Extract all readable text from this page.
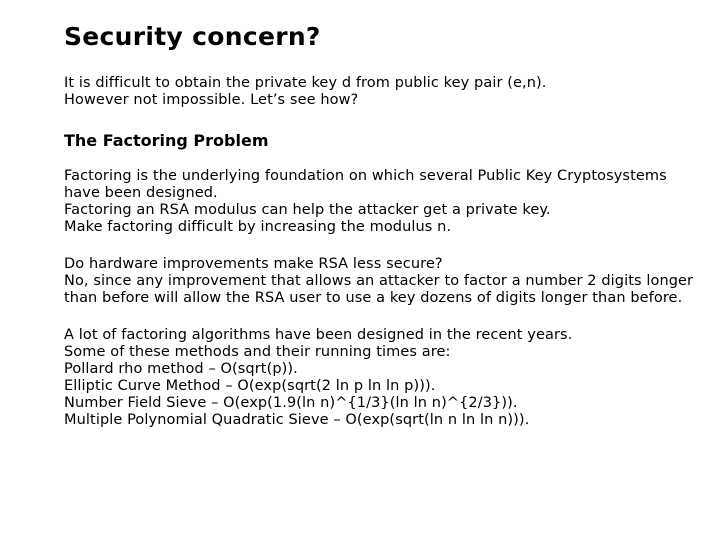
Security concern?

It is difficult to obtain the private key d from public key pair (e,n).

However not impossible. Let’s see how?

The Factoring Problem

Factoring is the underlying foundation on which several Public Key Cryptosystems have been designed.

Factoring an RSA modulus can help the attacker get a private key.

Make factoring difficult by increasing the modulus n.

Do hardware improvements make RSA less secure?

No, since any improvement that allows an attacker to factor a number 2 digits longer than before will allow the RSA user to use a key dozens of digits longer than before.

A lot of factoring algorithms have been designed in the recent years.

Some of these methods and their running times are:

Pollard rho method – O(sqrt(p)).

Elliptic Curve Method – O(exp(sqrt(2 ln p ln ln p))).

Number Field Sieve – O(exp(1.9(ln n)^{1/3}(ln ln n)^{2/3})).

Multiple Polynomial Quadratic Sieve – O(exp(sqrt(ln n ln ln n))).
